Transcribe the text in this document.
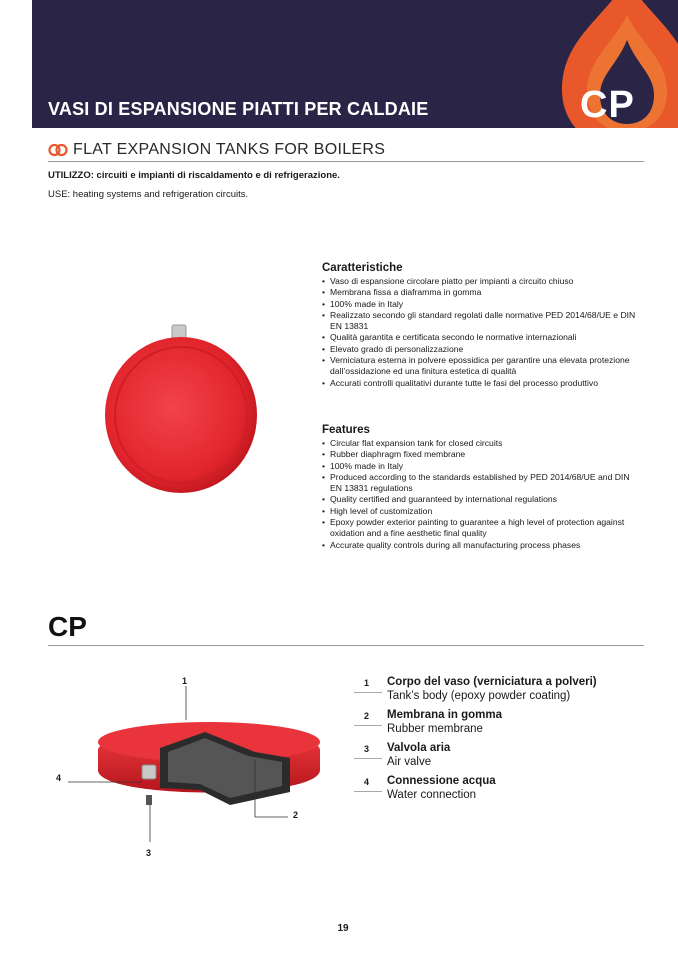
VASI DI ESPANSIONE PIATTI PER CALDAIE	CP
FLAT EXPANSION TANKS FOR BOILERS
UTILIZZO: circuiti e impianti di riscaldamento e di refrigerazione.
USE: heating systems and refrigeration circuits.
Caratteristiche
• Vaso di espansione circolare piatto per impianti a circuito chiuso
• Membrana fissa a diaframma in gomma
• 100% made in Italy
• Realizzato secondo gli standard regolati dalle normative PED 2014/68/UE e DIN EN 13831
• Qualità garantita e certificata secondo le normative internazionali
• Elevato grado di personalizzazione
• Verniciatura esterna in polvere epossidica per garantire una elevata protezione dall’ossidazione ed una finitura estetica di qualità
• Accurati controlli qualitativi durante tutte le fasi del processo produttivo
Features
• Circular flat expansion tank for closed circuits
• Rubber diaphragm fixed membrane
• 100% made in Italy
• Produced according to the standards established by PED 2014/68/UE and DIN EN 13831 regulations
• Quality certified and guaranteed by international regulations
• High level of customization
• Epoxy powder exterior painting to guarantee a high level of protection against oxidation and a fine aesthetic final quality
• Accurate quality controls during all manufacturing process phases
CP
1
2
3
4
1 Corpo del vaso (verniciatura a polveri)
Tank’s body (epoxy powder coating)
2 Membrana in gomma
Rubber membrane
3 Valvola aria
Air valve
4 Connessione acqua
Water connection
19
